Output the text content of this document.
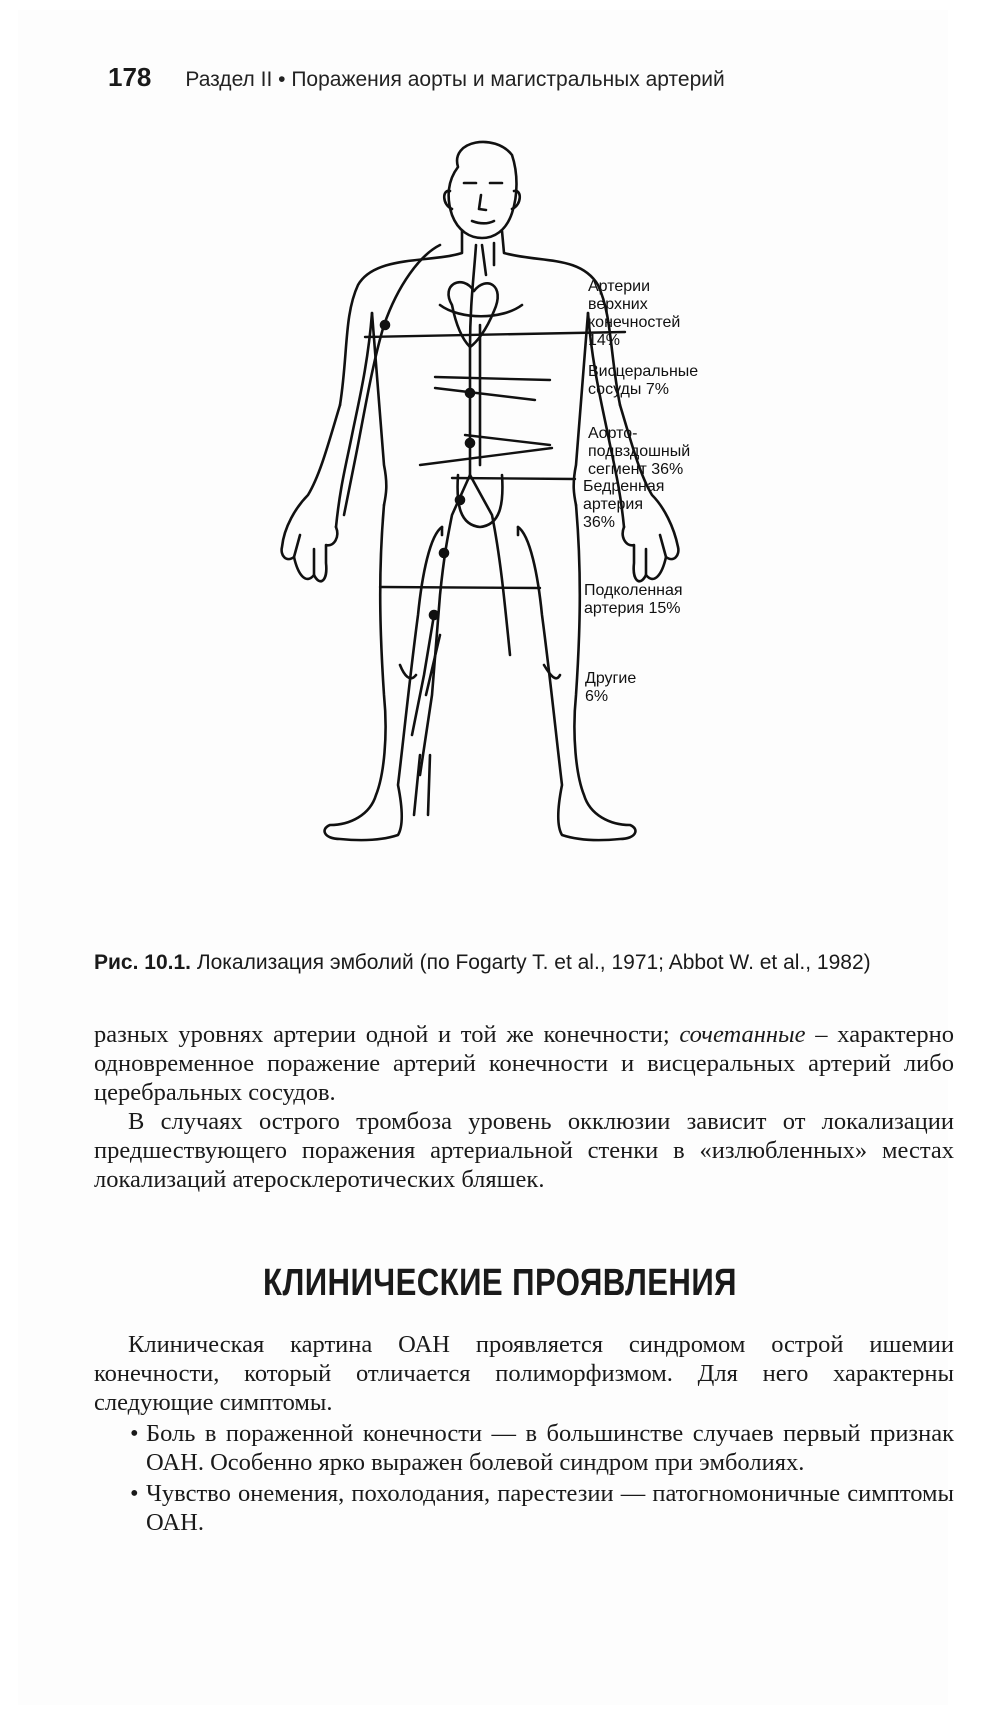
178 Раздел II • Поражения аорты и магистральных артерий
Артерии верхних
конечностей 14%
Висцеральные
сосуды 7%
Аорто-подвздошный
сегмент 36%
Бедренная артерия
36%
Подколенная
артерия 15%
Другие
6%
Рис. 10.1. Локализация эмболий (по Fogarty T. et al., 1971; Abbot W. et al., 1982)

разных уровнях артерии одной и той же конечности; сочетанные – характерно одновременное поражение артерий конечности и висцеральных артерий либо церебральных сосудов.

В случаях острого тромбоза уровень окклюзии зависит от локализации предшествующего поражения артериальной стенки в «излюбленных» местах локализаций атеросклеротических бляшек.

КЛИНИЧЕСКИЕ ПРОЯВЛЕНИЯ

Клиническая картина ОАН проявляется синдромом острой ишемии конечности, который отличается полиморфизмом. Для него характерны следующие симптомы.

• Боль в пораженной конечности — в большинстве случаев первый признак ОАН. Особенно ярко выражен болевой синдром при эмболиях.
• Чувство онемения, похолодания, парестезии — патогномоничные симптомы ОАН.
